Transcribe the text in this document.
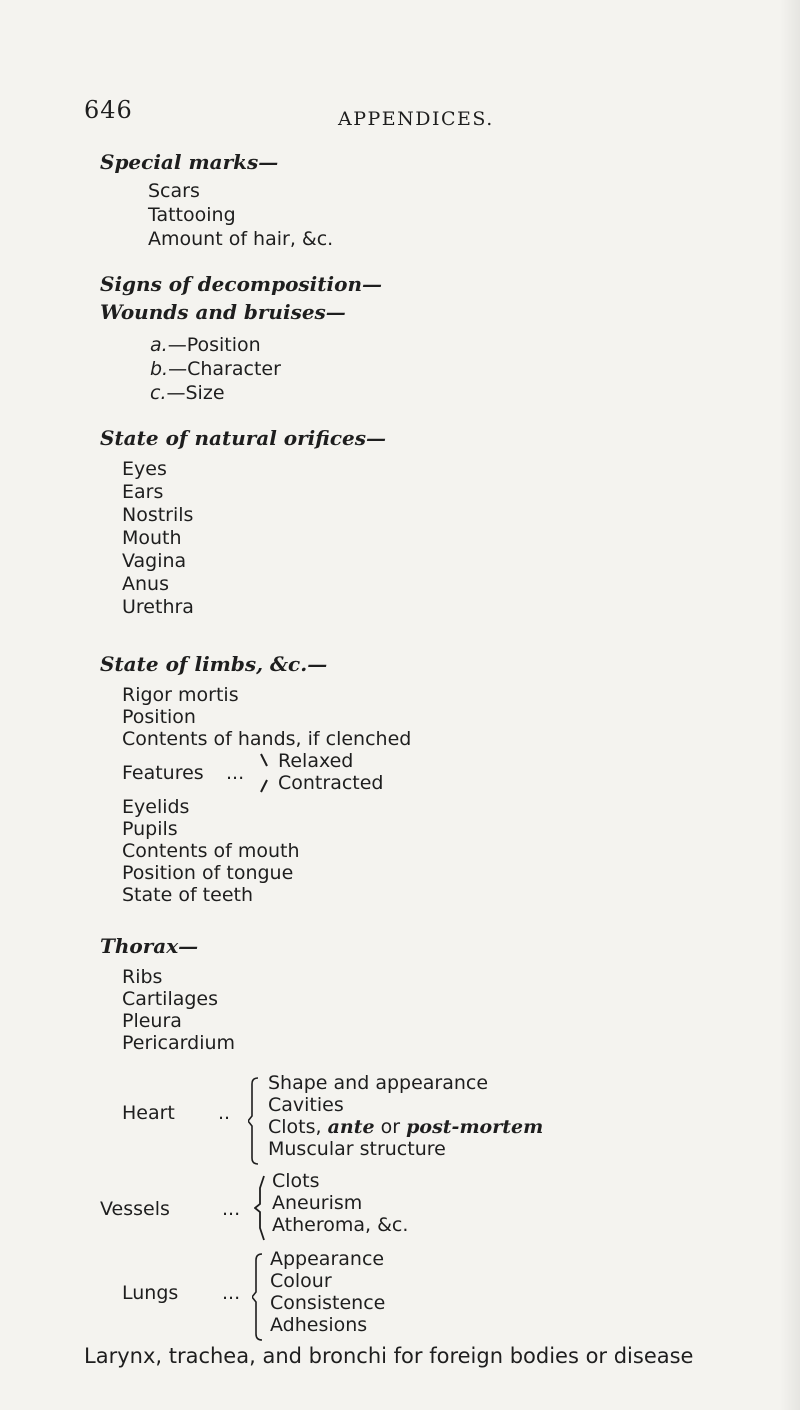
646	APPENDICES.
Special marks—
Scars
Tattooing
Amount of hair, &c.
Signs of decomposition—
Wounds and bruises—
a.—Position
b.—Character
c.—Size
State of natural orifices—
Eyes
Ears
Nostrils
Mouth
Vagina
Anus
Urethra
State of limbs, &c.—
Rigor mortis
Position
Contents of hands, if clenched
Features ...
Relaxed
Contracted
Eyelids
Pupils
Contents of mouth
Position of tongue
State of teeth
Thorax—
Ribs
Cartilages
Pleura
Pericardium
Heart ..
Shape and appearance
Cavities
Clots, ante or post-mortem
Muscular structure
Vessels	...
Clots
Aneurism
Atheroma, &c.
Lungs ...
Appearance
Colour
Consistence
Adhesions
Larynx, trachea, and bronchi for foreign bodies or disease
